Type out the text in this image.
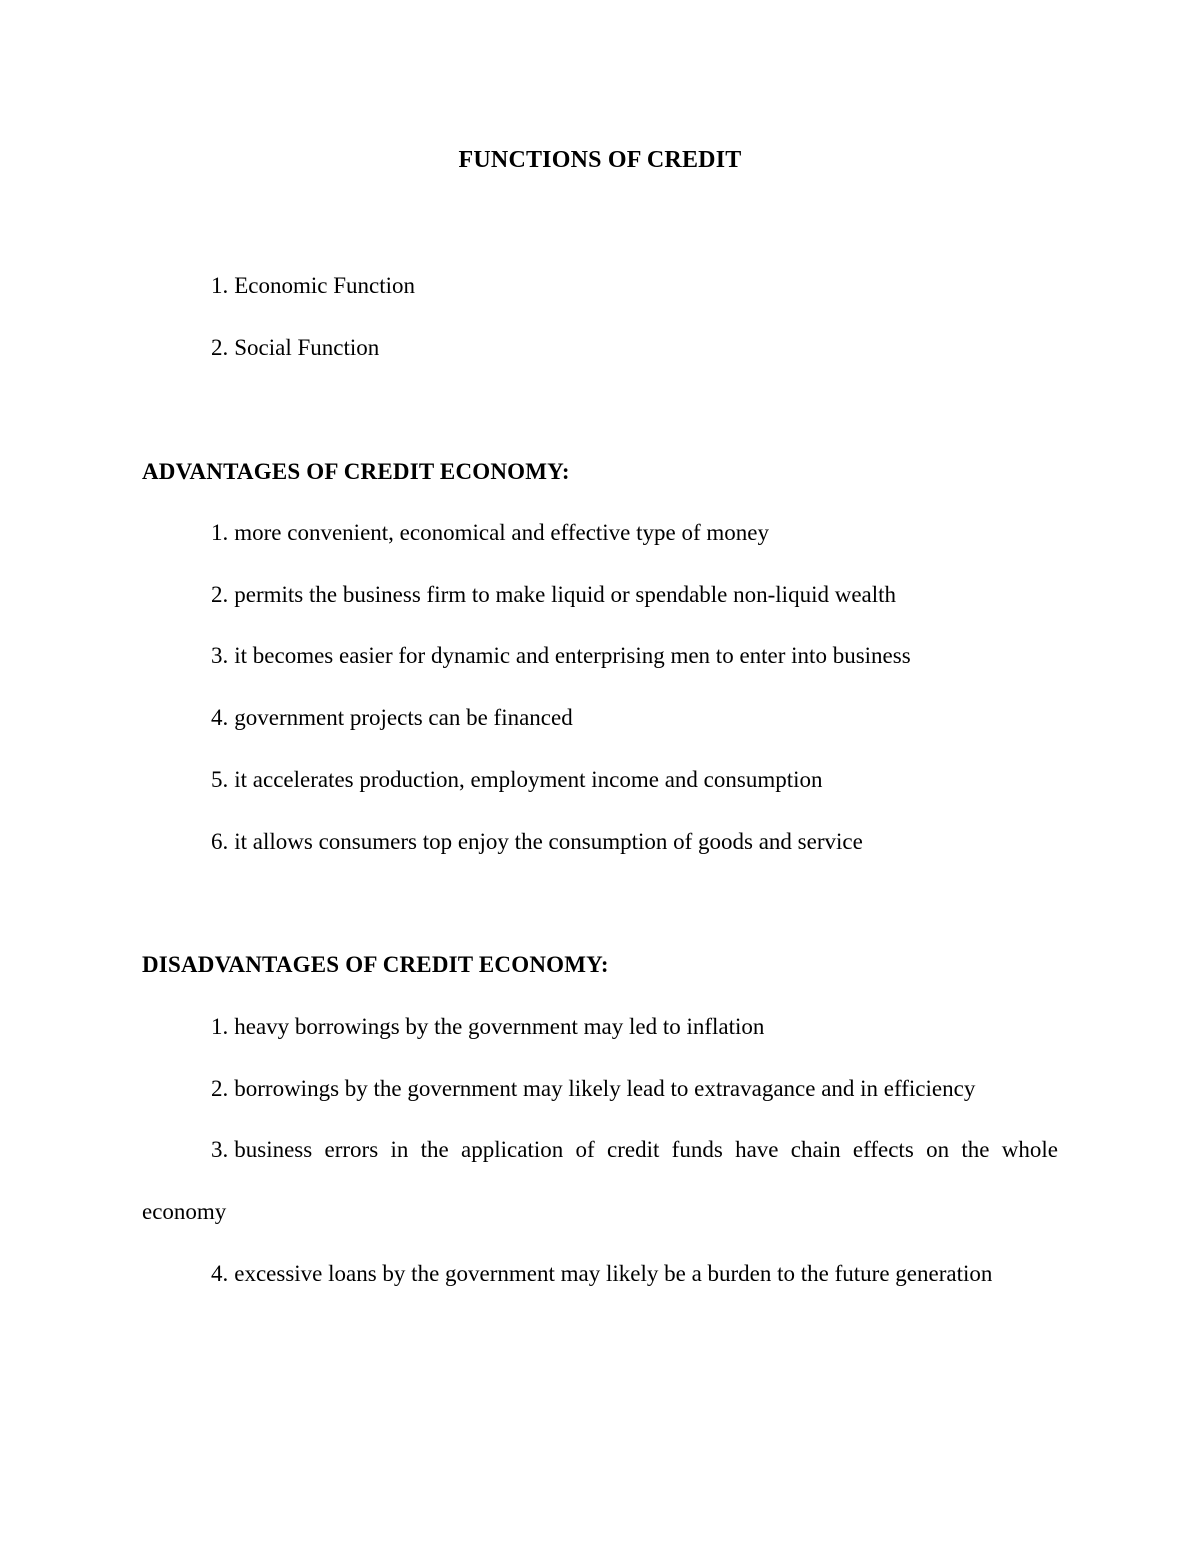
FUNCTIONS OF CREDIT
1. Economic Function
2. Social Function
ADVANTAGES OF CREDIT ECONOMY:
1. more convenient, economical and effective type of money
2. permits the business firm to make liquid or spendable non-liquid wealth
3. it becomes easier for dynamic and enterprising men to enter into business
4. government projects can be financed
5. it accelerates production, employment income and consumption
6. it allows consumers top enjoy the consumption of goods and service
DISADVANTAGES OF CREDIT ECONOMY:
1. heavy borrowings by the government may led to inflation
2. borrowings by the government may likely lead to extravagance and in efficiency
3. business errors in the application of credit funds have chain effects on the whole economy
4. excessive loans by the government may likely be a burden to the future generation
